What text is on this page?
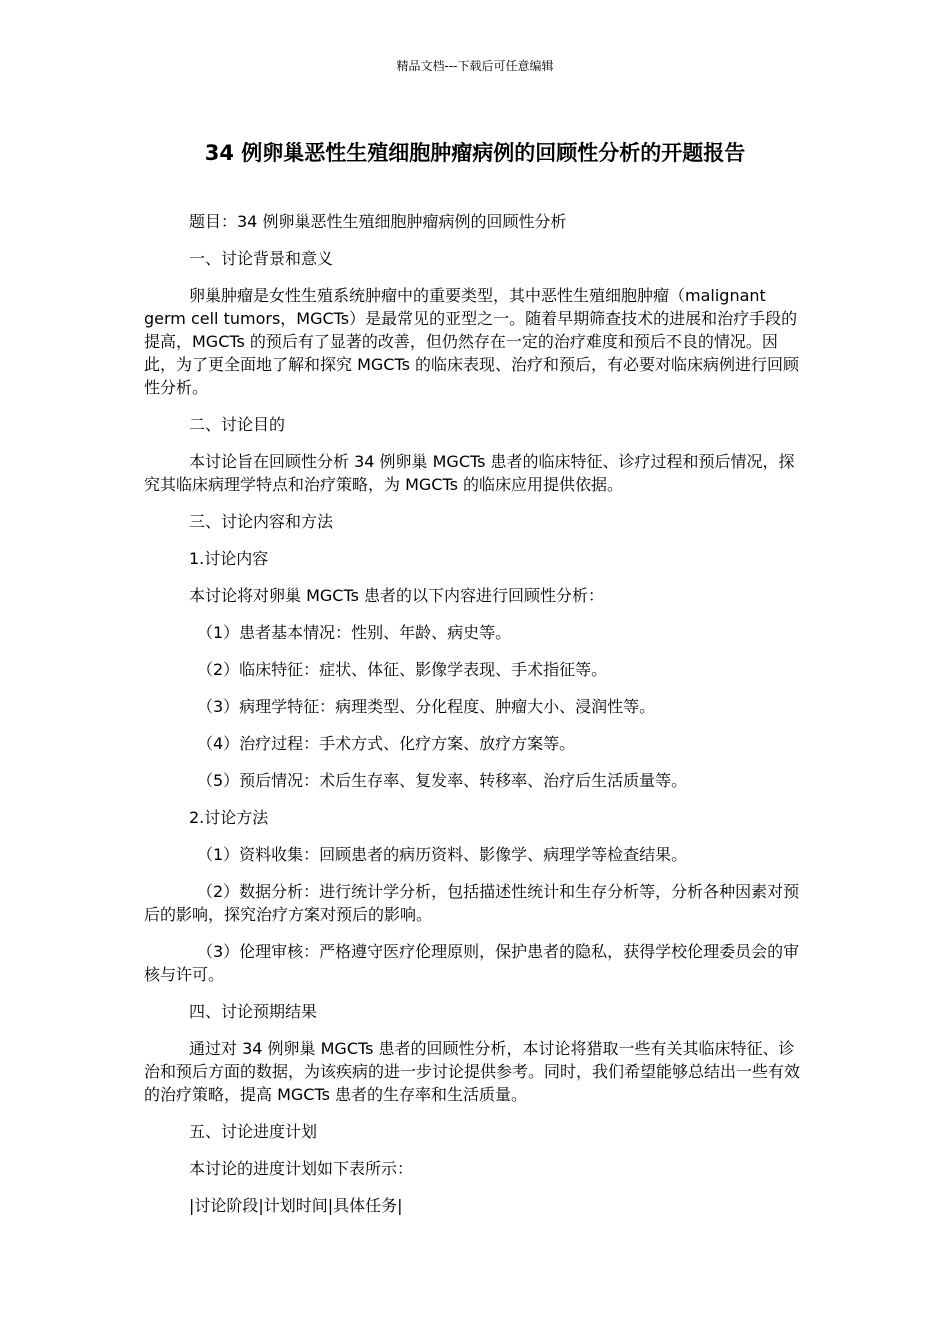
精品文档---下载后可任意编辑
34 例卵巢恶性生殖细胞肿瘤病例的回顾性分析的开题报告

题目：34 例卵巢恶性生殖细胞肿瘤病例的回顾性分析

一、讨论背景和意义

卵巢肿瘤是女性生殖系统肿瘤中的重要类型，其中恶性生殖细胞肿瘤（malignant germ cell tumors，MGCTs）是最常见的亚型之一。随着早期筛查技术的进展和治疗手段的提高，MGCTs 的预后有了显著的改善，但仍然存在一定的治疗难度和预后不良的情况。因此，为了更全面地了解和探究 MGCTs 的临床表现、治疗和预后，有必要对临床病例进行回顾性分析。

二、讨论目的

本讨论旨在回顾性分析 34 例卵巢 MGCTs 患者的临床特征、诊疗过程和预后情况，探究其临床病理学特点和治疗策略，为 MGCTs 的临床应用提供依据。

三、讨论内容和方法

1.讨论内容

本讨论将对卵巢 MGCTs 患者的以下内容进行回顾性分析：

（1）患者基本情况：性别、年龄、病史等。

（2）临床特征：症状、体征、影像学表现、手术指征等。

（3）病理学特征：病理类型、分化程度、肿瘤大小、浸润性等。

（4）治疗过程：手术方式、化疗方案、放疗方案等。

（5）预后情况：术后生存率、复发率、转移率、治疗后生活质量等。

2.讨论方法

（1）资料收集：回顾患者的病历资料、影像学、病理学等检查结果。

（2）数据分析：进行统计学分析，包括描述性统计和生存分析等，分析各种因素对预后的影响，探究治疗方案对预后的影响。

（3）伦理审核：严格遵守医疗伦理原则，保护患者的隐私，获得学校伦理委员会的审核与许可。

四、讨论预期结果

通过对 34 例卵巢 MGCTs 患者的回顾性分析，本讨论将猎取一些有关其临床特征、诊治和预后方面的数据，为该疾病的进一步讨论提供参考。同时，我们希望能够总结出一些有效的治疗策略，提高 MGCTs 患者的生存率和生活质量。

五、讨论进度计划

本讨论的进度计划如下表所示：

|讨论阶段|计划时间|具体任务|
